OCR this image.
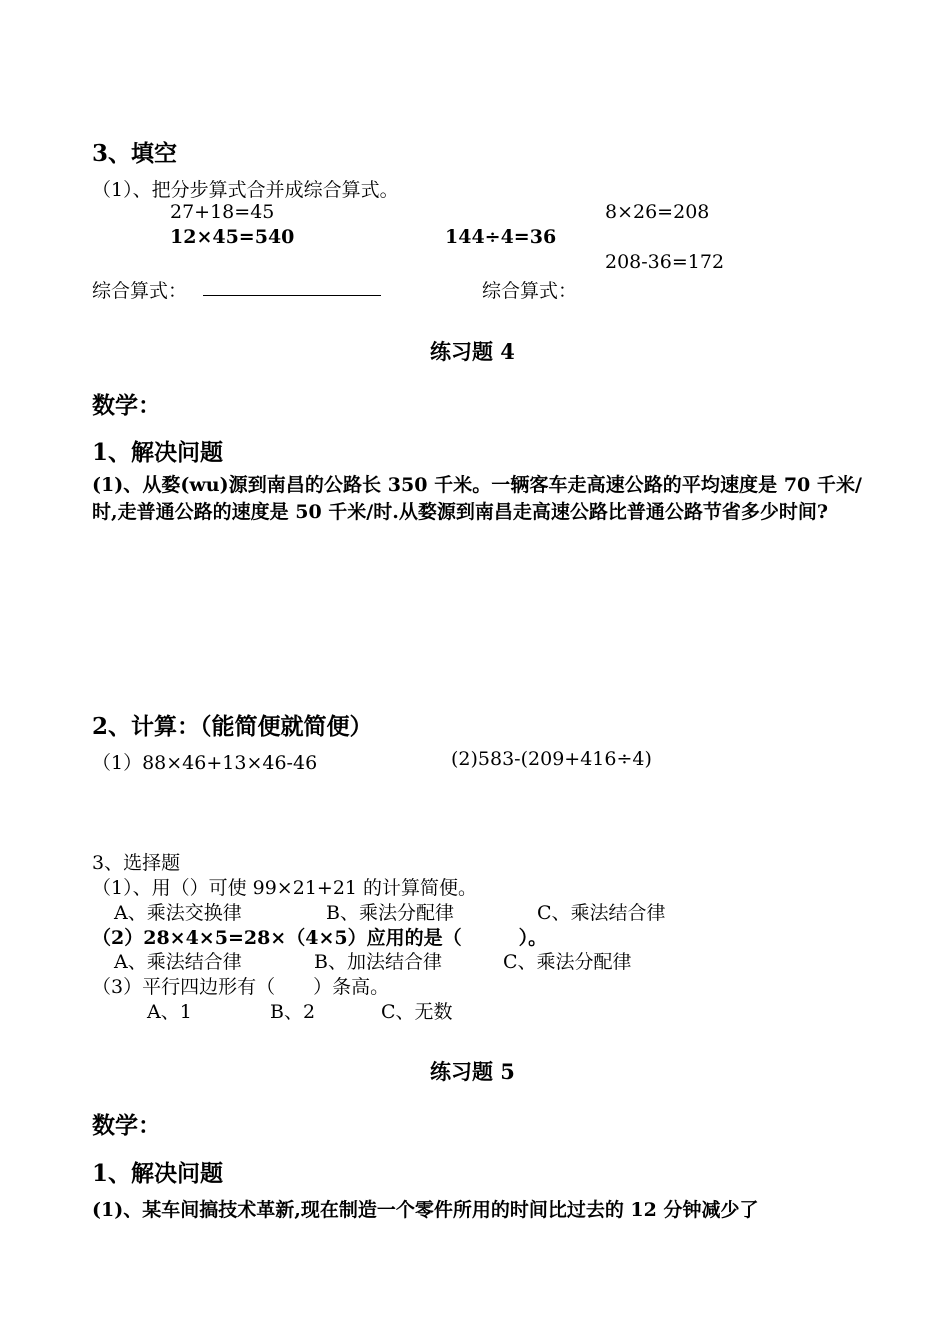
3、填空
（1）、把分步算式合并成综合算式。
27+18=45
12×45=540	144÷4=36
8×26=208
208-36=172
综合算式：	综合算式：
练习题 4
数学：
1、解决问题
(1)、从婺(wu)源到南昌的公路长 350 千米。一辆客车走高速公路的平均速度是 70 千米/时,走普通公路的速度是 50 千米/时.从婺源到南昌走高速公路比普通公路节省多少时间?
2、计算：（能简便就简便）
（1）88×46+13×46-46	(2)583-(209+416÷4)
3、选择题
（1）、用（）可使 99×21+21 的计算简便。
A、乘法交换律	B、乘法分配律	C、乘法结合律
（2）28×4×5=28×（4×5）应用的是（　　　）。
A、乘法结合律	B、加法结合律	C、乘法分配律
（3）平行四边形有（　　）条高。
A、1	B、2	C、无数
练习题 5
数学：
1、解决问题
(1)、某车间搞技术革新,现在制造一个零件所用的时间比过去的 12 分钟减少了
